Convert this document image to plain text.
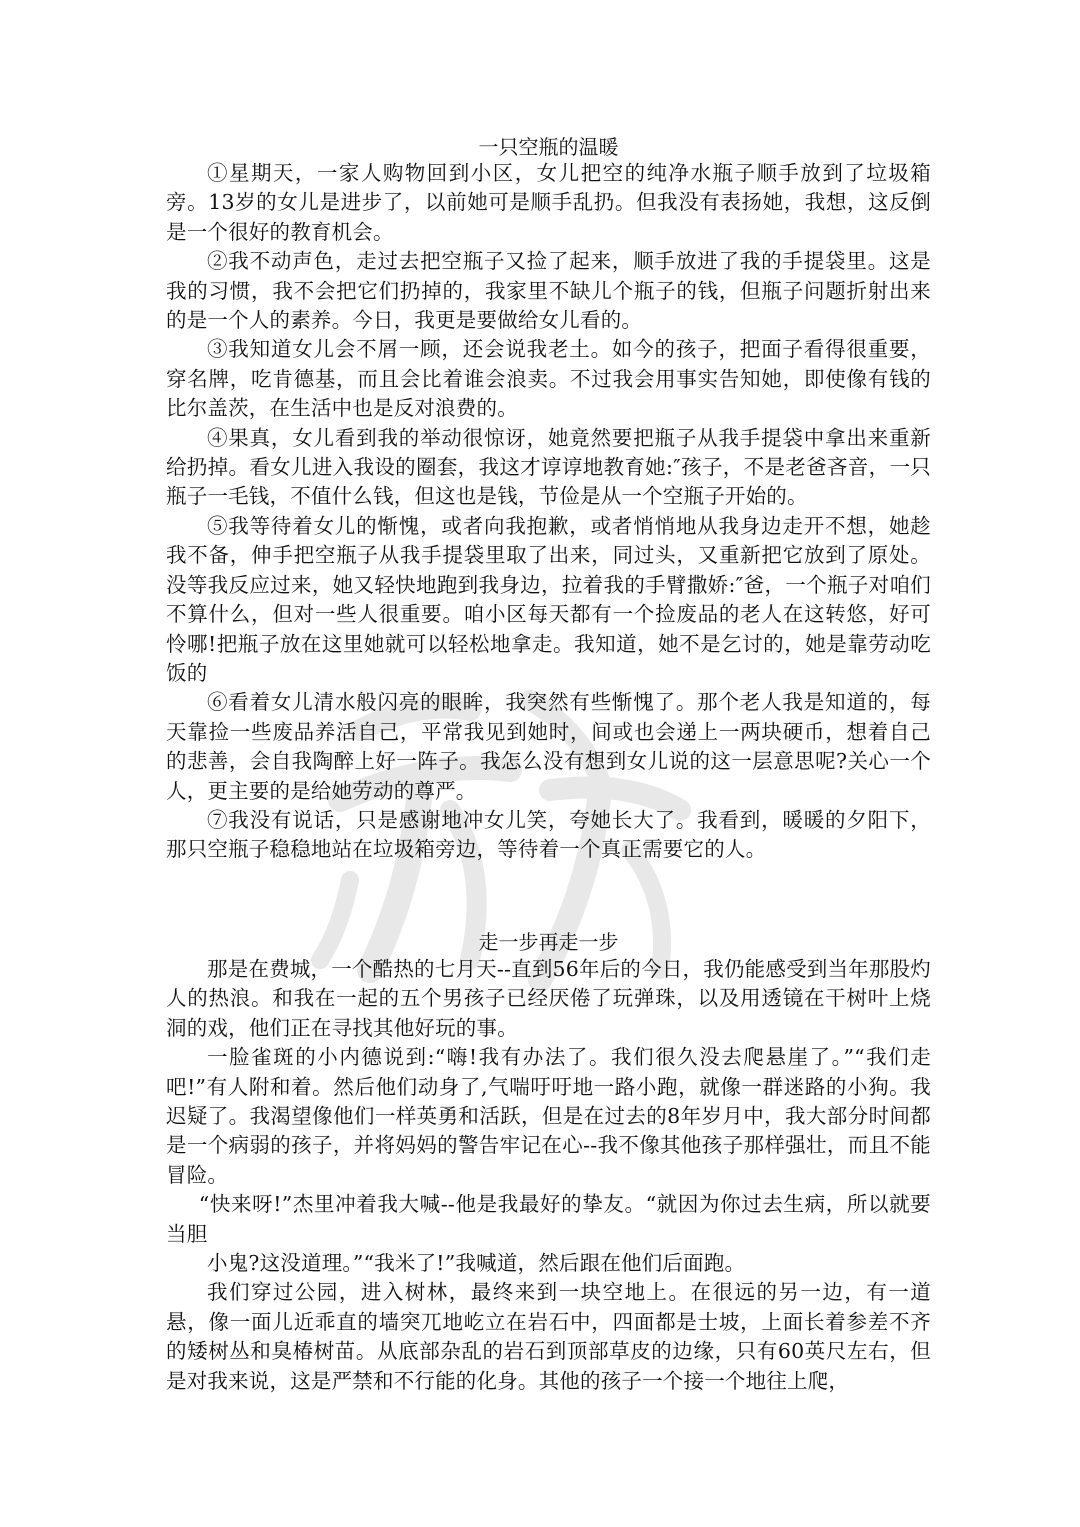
一只空瓶的温暖

①星期天，一家人购物回到小区，女儿把空的纯净水瓶子顺手放到了垃圾箱旁。13岁的女儿是进步了，以前她可是顺手乱扔。但我没有表扬她，我想，这反倒是一个很好的教育机会。

②我不动声色，走过去把空瓶子又捡了起来，顺手放进了我的手提袋里。这是我的习惯，我不会把它们扔掉的，我家里不缺儿个瓶子的钱，但瓶子问题折射出来的是一个人的素养。今日，我更是要做给女儿看的。

③我知道女儿会不屑一顾，还会说我老土。如今的孩子，把面子看得很重要，穿名牌，吃肯德基，而且会比着谁会浪卖。不过我会用事实告知她，即使像有钱的比尔盖茨，在生活中也是反对浪费的。

④果真，女儿看到我的举动很惊讶，她竟然要把瓶子从我手提袋中拿出来重新给扔掉。看女儿进入我设的圈套，我这才谆谆地教育她:″孩子，不是老爸吝音，一只瓶子一毛钱，不值什么钱，但这也是钱，节俭是从一个空瓶子开始的。

⑤我等待着女儿的惭愧，或者向我抱歉，或者悄悄地从我身边走开不想，她趁我不备，伸手把空瓶子从我手提袋里取了出来，同过头，又重新把它放到了原处。没等我反应过来，她又轻快地跑到我身边，拉着我的手臂撒娇:″爸，一个瓶子对咱们不算什么，但对一些人很重要。咱小区每天都有一个捡废品的老人在这转悠，好可怜哪!把瓶子放在这里她就可以轻松地拿走。我知道，她不是乞讨的，她是靠劳动吃饭的

⑥看着女儿清水般闪亮的眼眸，我突然有些惭愧了。那个老人我是知道的，每天靠捡一些废品养活自己，平常我见到她时，间或也会递上一两块硬币，想着自己的悲善，会自我陶醉上好一阵子。我怎么没有想到女儿说的这一层意思呢?关心一个人，更主要的是给她劳动的尊严。

⑦我没有说话，只是感谢地冲女儿笑，夸她长大了。我看到，暖暖的夕阳下，那只空瓶子稳稳地站在垃圾箱旁边，等待着一个真正需要它的人。

走一步再走一步

那是在费城，一个酷热的七月天--直到56年后的今日，我仍能感受到当年那股灼人的热浪。和我在一起的五个男孩子已经厌倦了玩弹珠，以及用透镜在干树叶上烧洞的戏，他们正在寻找其他好玩的事。

一脸雀斑的小内德说到:“嗨!我有办法了。我们很久没去爬悬崖了。”“我们走吧!”有人附和着。然后他们动身了,气喘吁吁地一路小跑，就像一群迷路的小狗。我迟疑了。我渴望像他们一样英勇和活跃，但是在过去的8年岁月中，我大部分时间都是一个病弱的孩子，并将妈妈的警告牢记在心--我不像其他孩子那样强壮，而且不能冒险。

“快来呀!”杰里冲着我大喊--他是我最好的挚友。“就因为你过去生病，所以就要当胆

小鬼?这没道理。”“我米了!”我喊道，然后跟在他们后面跑。

我们穿过公园，进入树林，最终来到一块空地上。在很远的另一边，有一道悬，像一面儿近乖直的墙突兀地屹立在岩石中，四面都是士坡，上面长着参差不齐的矮树丛和臭椿树苗。从底部杂乱的岩石到顶部草皮的边缘，只有60英尺左右，但是对我来说，这是严禁和不行能的化身。其他的孩子一个接一个地往上爬，
